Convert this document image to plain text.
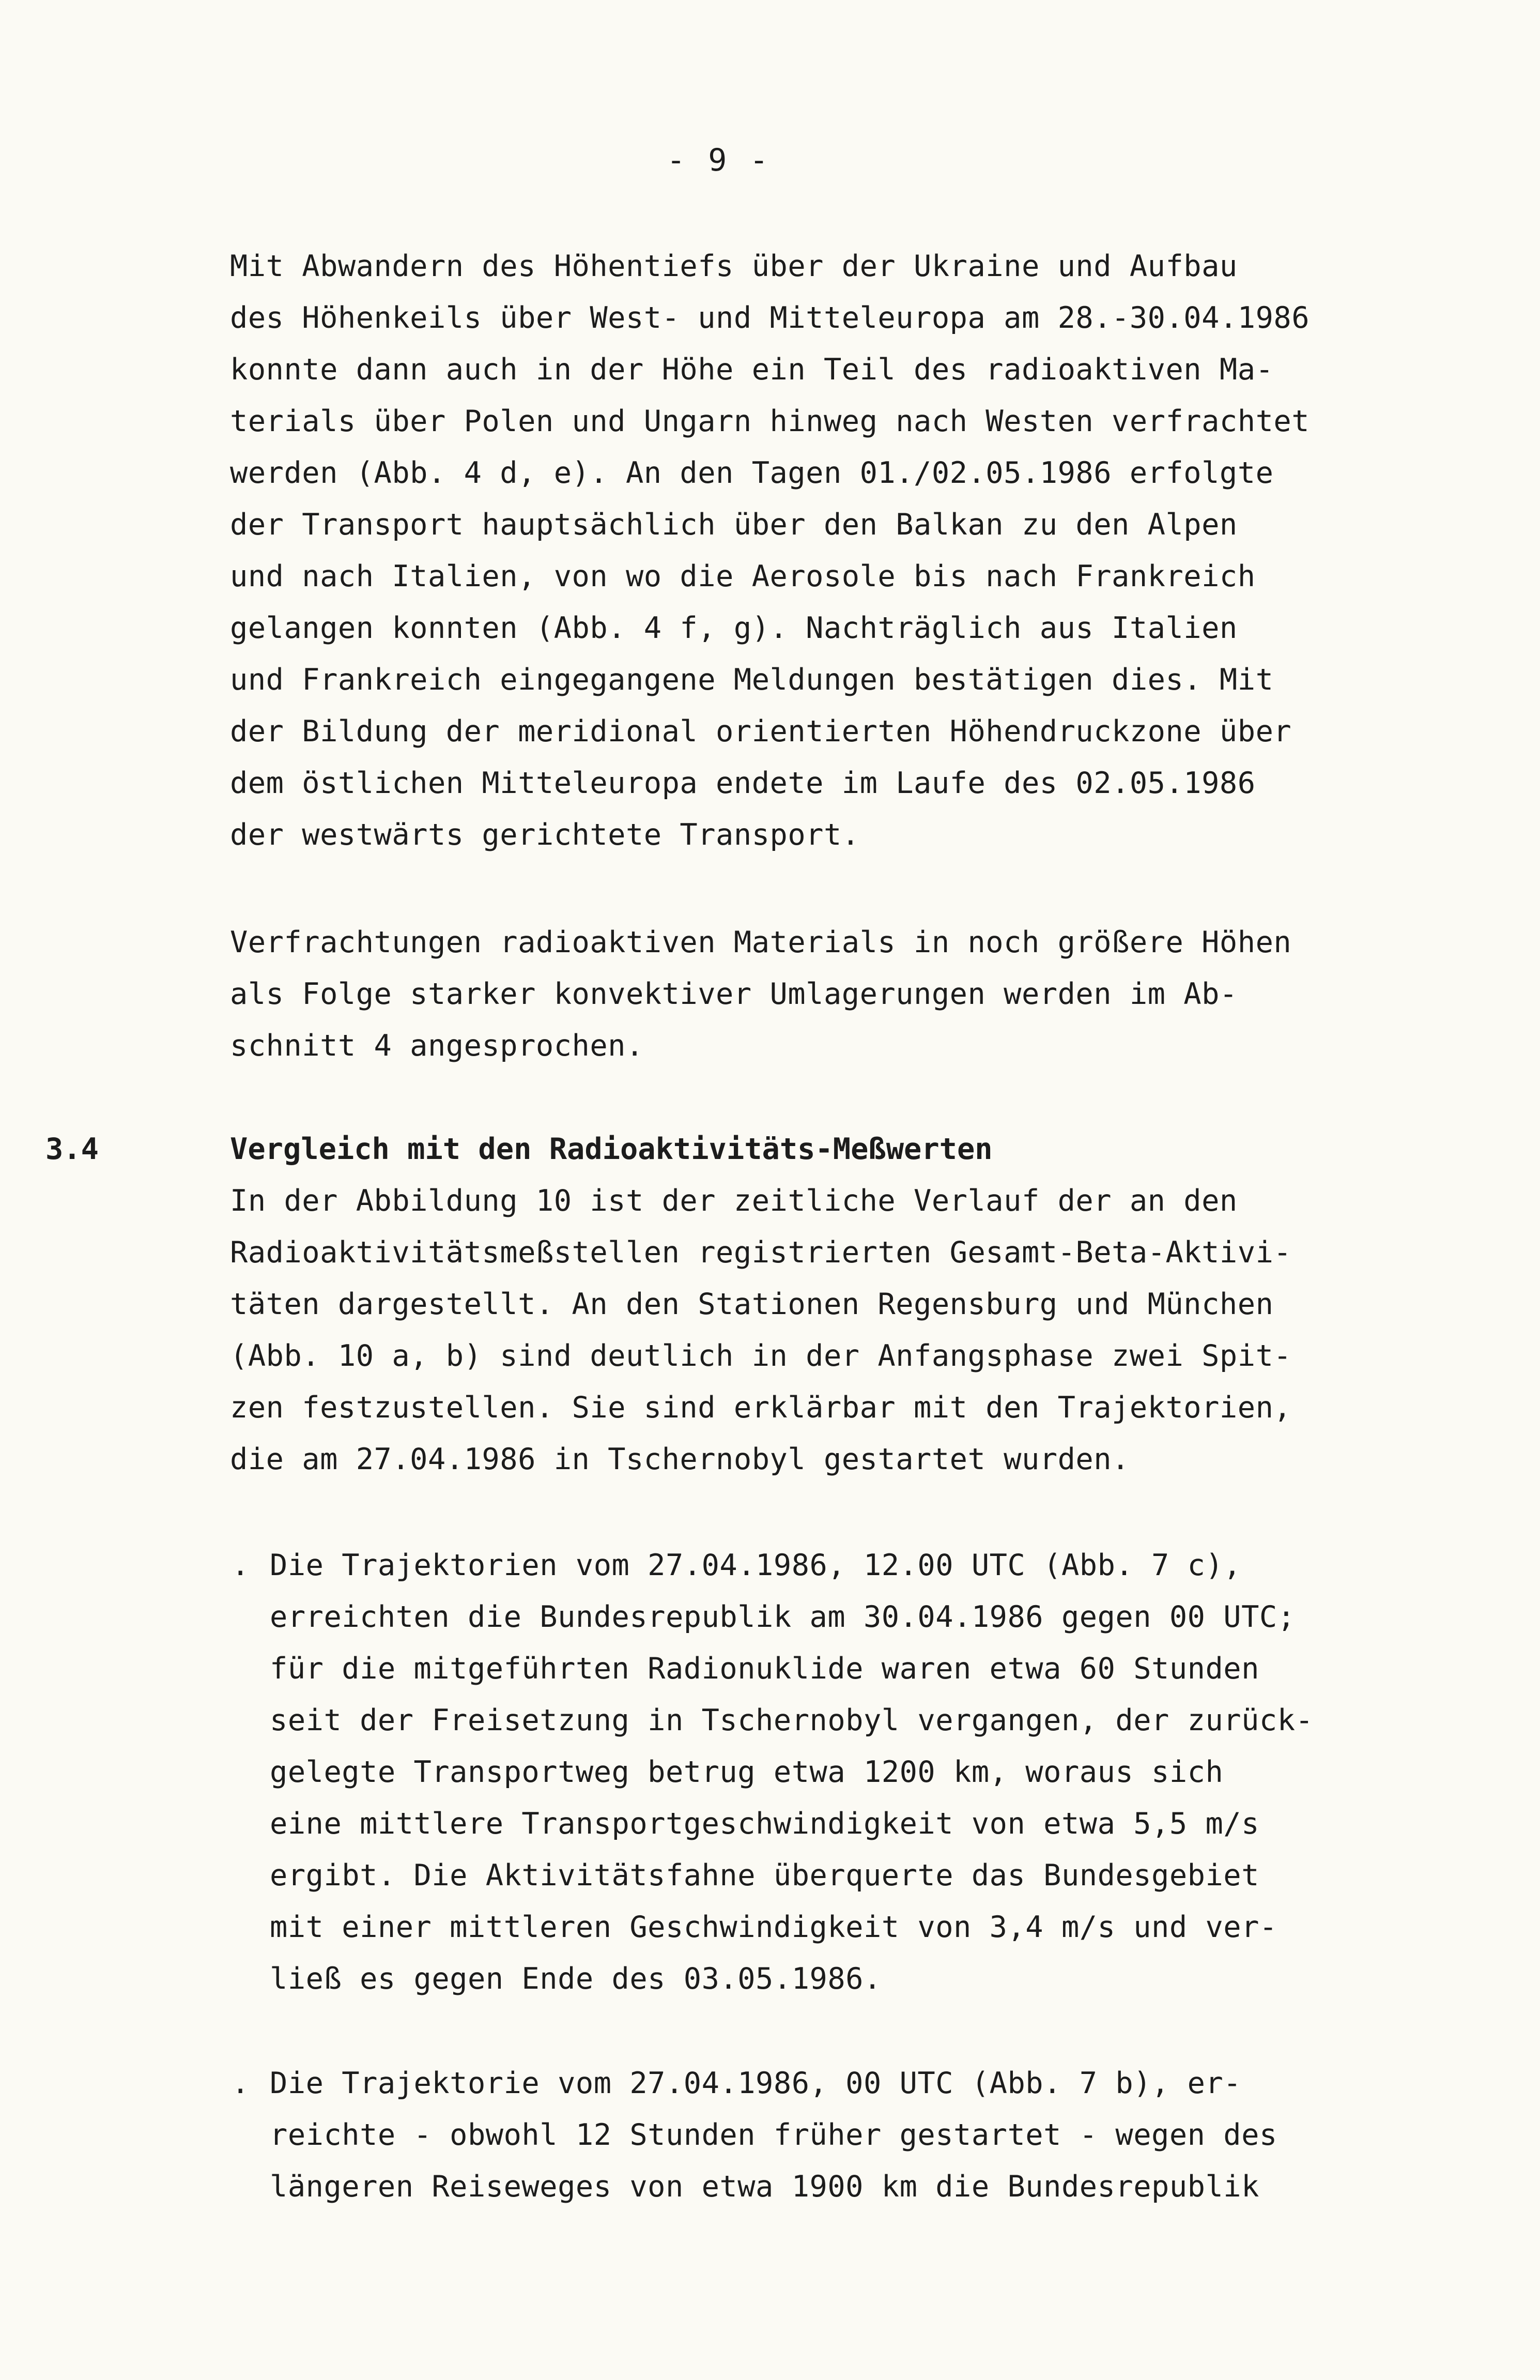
- 9 -
Mit Abwandern des Höhentiefs über der Ukraine und Aufbau
des Höhenkeils über West- und Mitteleuropa am 28.-30.04.1986
konnte dann auch in der Höhe ein Teil des radioaktiven Ma-
terials über Polen und Ungarn hinweg nach Westen verfrachtet
werden (Abb. 4 d, e). An den Tagen 01./02.05.1986 erfolgte
der Transport hauptsächlich über den Balkan zu den Alpen
und nach Italien, von wo die Aerosole bis nach Frankreich
gelangen konnten (Abb. 4 f, g). Nachträglich aus Italien
und Frankreich eingegangene Meldungen bestätigen dies. Mit
der Bildung der meridional orientierten Höhendruckzone über
dem östlichen Mitteleuropa endete im Laufe des 02.05.1986
der westwärts gerichtete Transport.
Verfrachtungen radioaktiven Materials in noch größere Höhen
als Folge starker konvektiver Umlagerungen werden im Ab-
schnitt 4 angesprochen.
3.4	Vergleich mit den Radioaktivitäts-Meßwerten
In der Abbildung 10 ist der zeitliche Verlauf der an den
Radioaktivitätsmeßstellen registrierten Gesamt-Beta-Aktivi-
täten dargestellt. An den Stationen Regensburg und München
(Abb. 10 a, b) sind deutlich in der Anfangsphase zwei Spit-
zen festzustellen. Sie sind erklärbar mit den Trajektorien,
die am 27.04.1986 in Tschernobyl gestartet wurden.
. Die Trajektorien vom 27.04.1986, 12.00 UTC (Abb. 7 c),
erreichten die Bundesrepublik am 30.04.1986 gegen 00 UTC;
für die mitgeführten Radionuklide waren etwa 60 Stunden
seit der Freisetzung in Tschernobyl vergangen, der zurück-
gelegte Transportweg betrug etwa 1200 km, woraus sich
eine mittlere Transportgeschwindigkeit von etwa 5,5 m/s
ergibt. Die Aktivitätsfahne überquerte das Bundesgebiet
mit einer mittleren Geschwindigkeit von 3,4 m/s und ver-
ließ es gegen Ende des 03.05.1986.
. Die Trajektorie vom 27.04.1986, 00 UTC (Abb. 7 b), er-
reichte - obwohl 12 Stunden früher gestartet - wegen des
längeren Reiseweges von etwa 1900 km die Bundesrepublik
